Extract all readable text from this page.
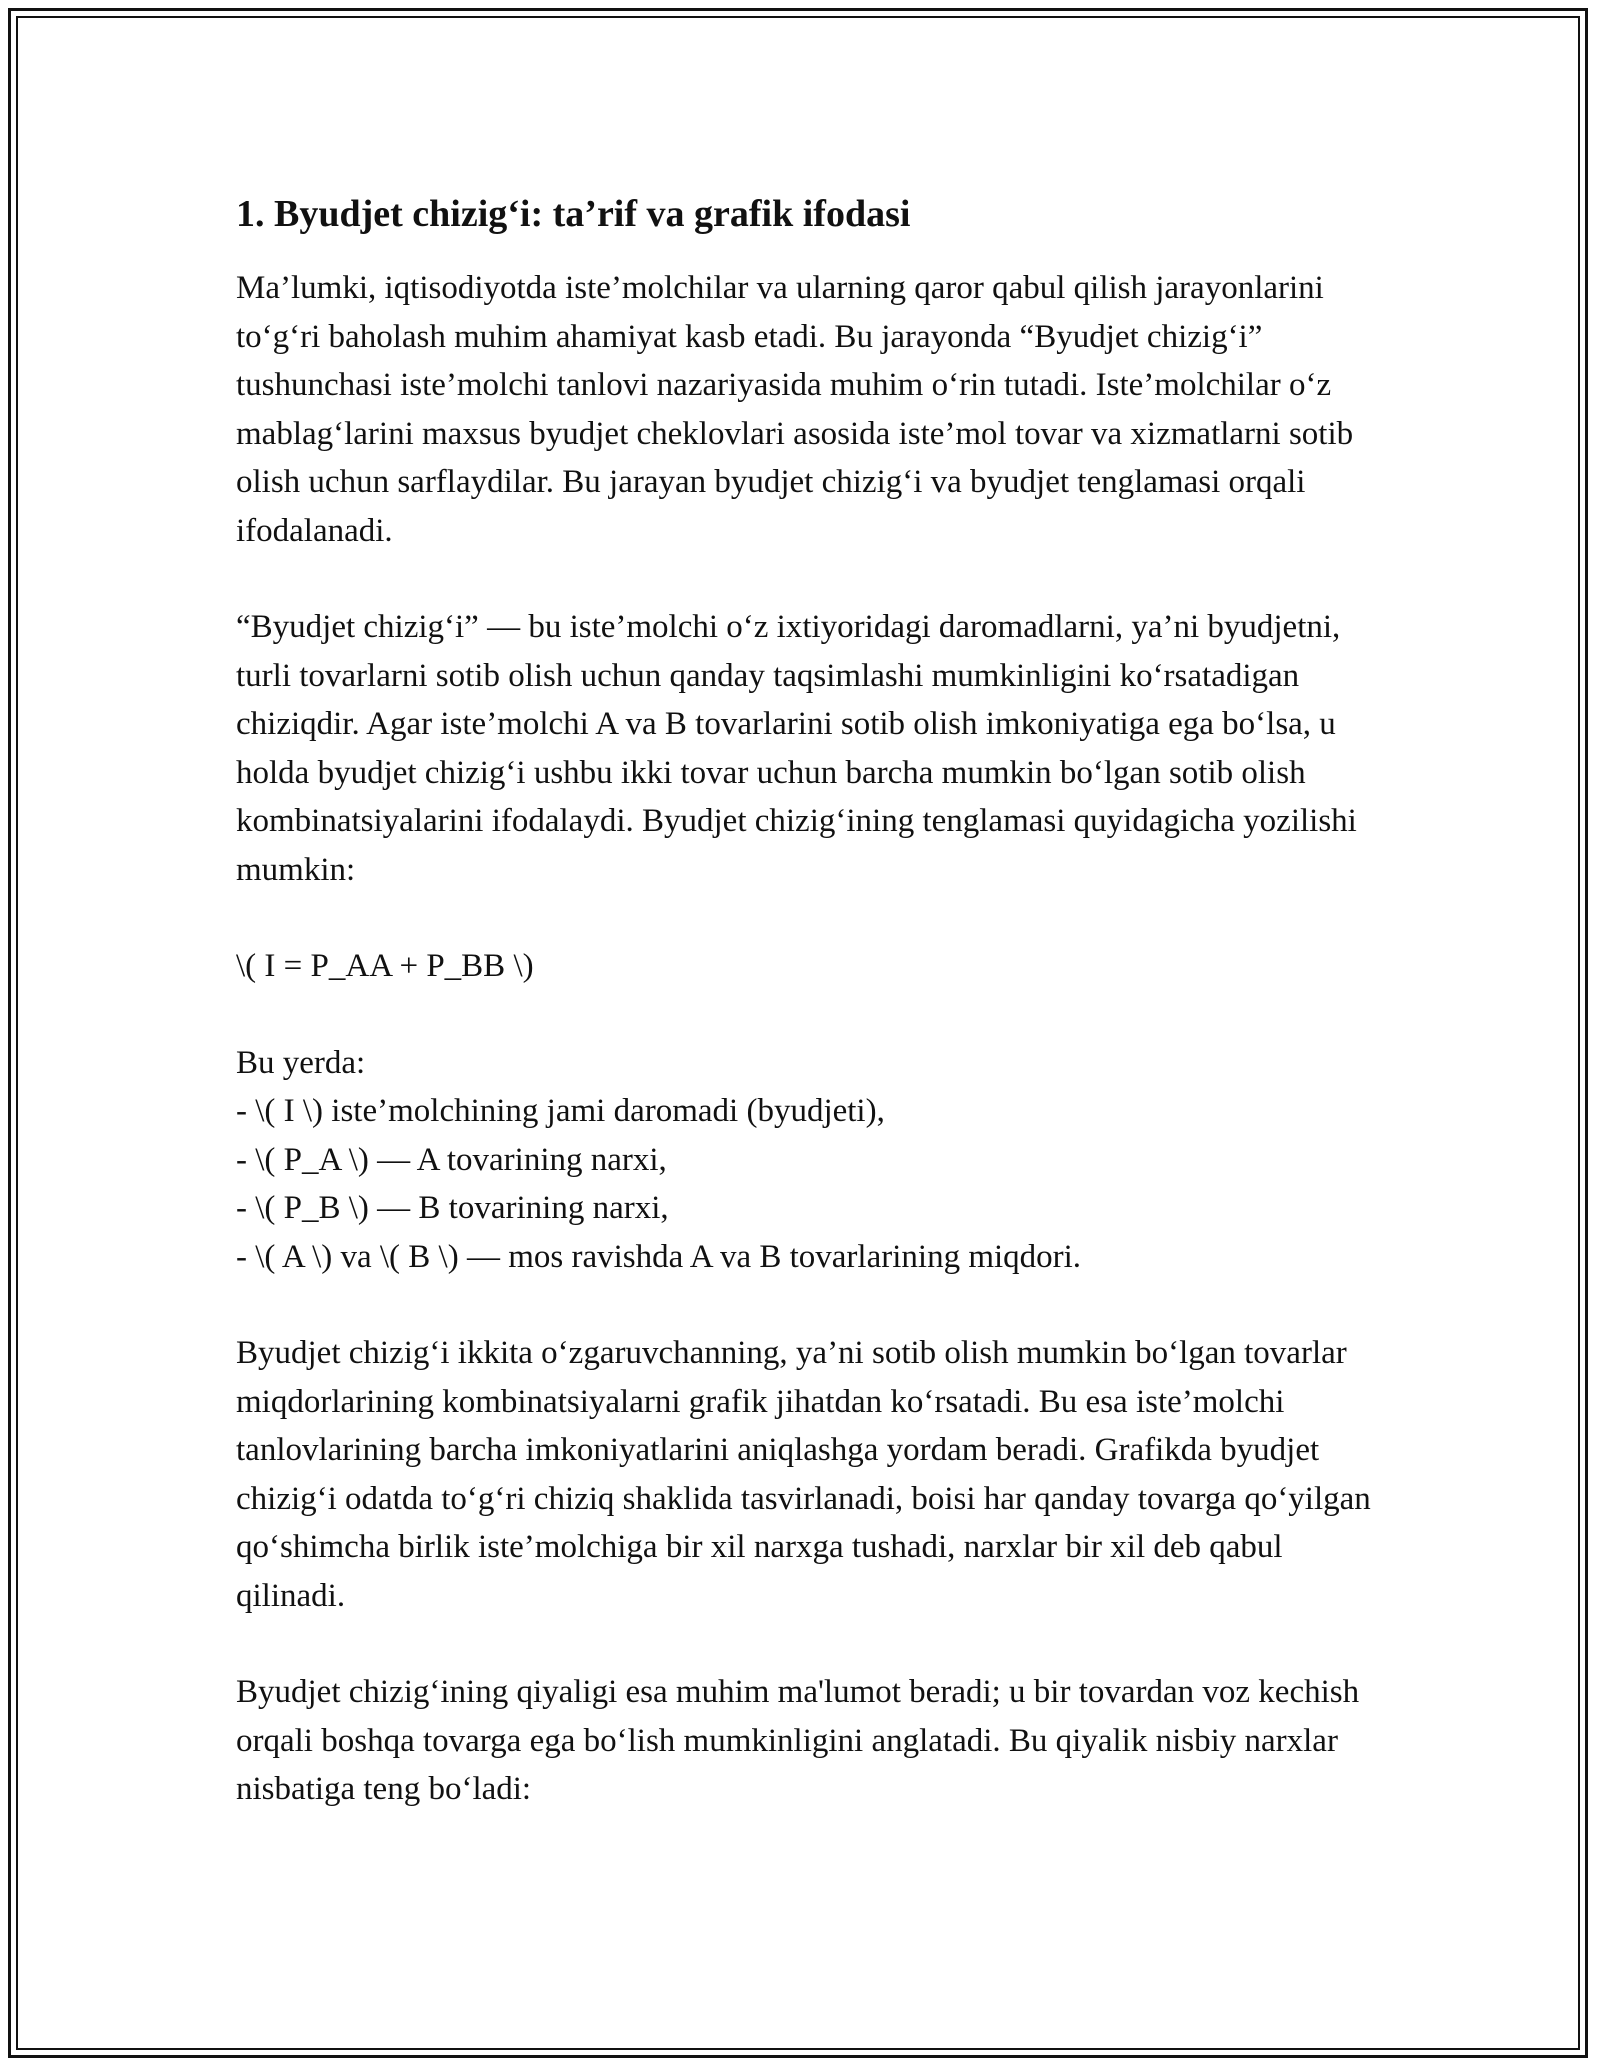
1. Byudjet chizig‘i: ta’rif va grafik ifodasi

Ma’lumki, iqtisodiyotda iste’molchilar va ularning qaror qabul qilish jarayonlarini to‘g‘ri baholash muhim ahamiyat kasb etadi. Bu jarayonda “Byudjet chizig‘i” tushunchasi iste’molchi tanlovi nazariyasida muhim o‘rin tutadi. Iste’molchilar o‘z mablag‘larini maxsus byudjet cheklovlari asosida iste’mol tovar va xizmatlarni sotib olish uchun sarflaydilar. Bu jarayan byudjet chizig‘i va byudjet tenglamasi orqali ifodalanadi.

“Byudjet chizig‘i” — bu iste’molchi o‘z ixtiyoridagi daromadlarni, ya’ni byudjetni, turli tovarlarni sotib olish uchun qanday taqsimlashi mumkinligini ko‘rsatadigan chiziqdir. Agar iste’molchi A va B tovarlarini sotib olish imkoniyatiga ega bo‘lsa, u holda byudjet chizig‘i ushbu ikki tovar uchun barcha mumkin bo‘lgan sotib olish kombinatsiyalarini ifodalaydi. Byudjet chizig‘ining tenglamasi quyidagicha yozilishi mumkin:

\( I = P_AA + P_BB \)

Bu yerda:
- \( I \) iste’molchining jami daromadi (byudjeti),
- \( P_A \) — A tovarining narxi,
- \( P_B \) — B tovarining narxi,
- \( A \) va \( B \) — mos ravishda A va B tovarlarining miqdori.

Byudjet chizig‘i ikkita o‘zgaruvchanning, ya’ni sotib olish mumkin bo‘lgan tovarlar miqdorlarining kombinatsiyalarni grafik jihatdan ko‘rsatadi. Bu esa iste’molchi tanlovlarining barcha imkoniyatlarini aniqlashga yordam beradi. Grafikda byudjet chizig‘i odatda to‘g‘ri chiziq shaklida tasvirlanadi, boisi har qanday tovarga qo‘yilgan qo‘shimcha birlik iste’molchiga bir xil narxga tushadi, narxlar bir xil deb qabul qilinadi.

Byudjet chizig‘ining qiyaligi esa muhim ma'lumot beradi; u bir tovardan voz kechish orqali boshqa tovarga ega bo‘lish mumkinligini anglatadi. Bu qiyalik nisbiy narxlar nisbatiga teng bo‘ladi:
